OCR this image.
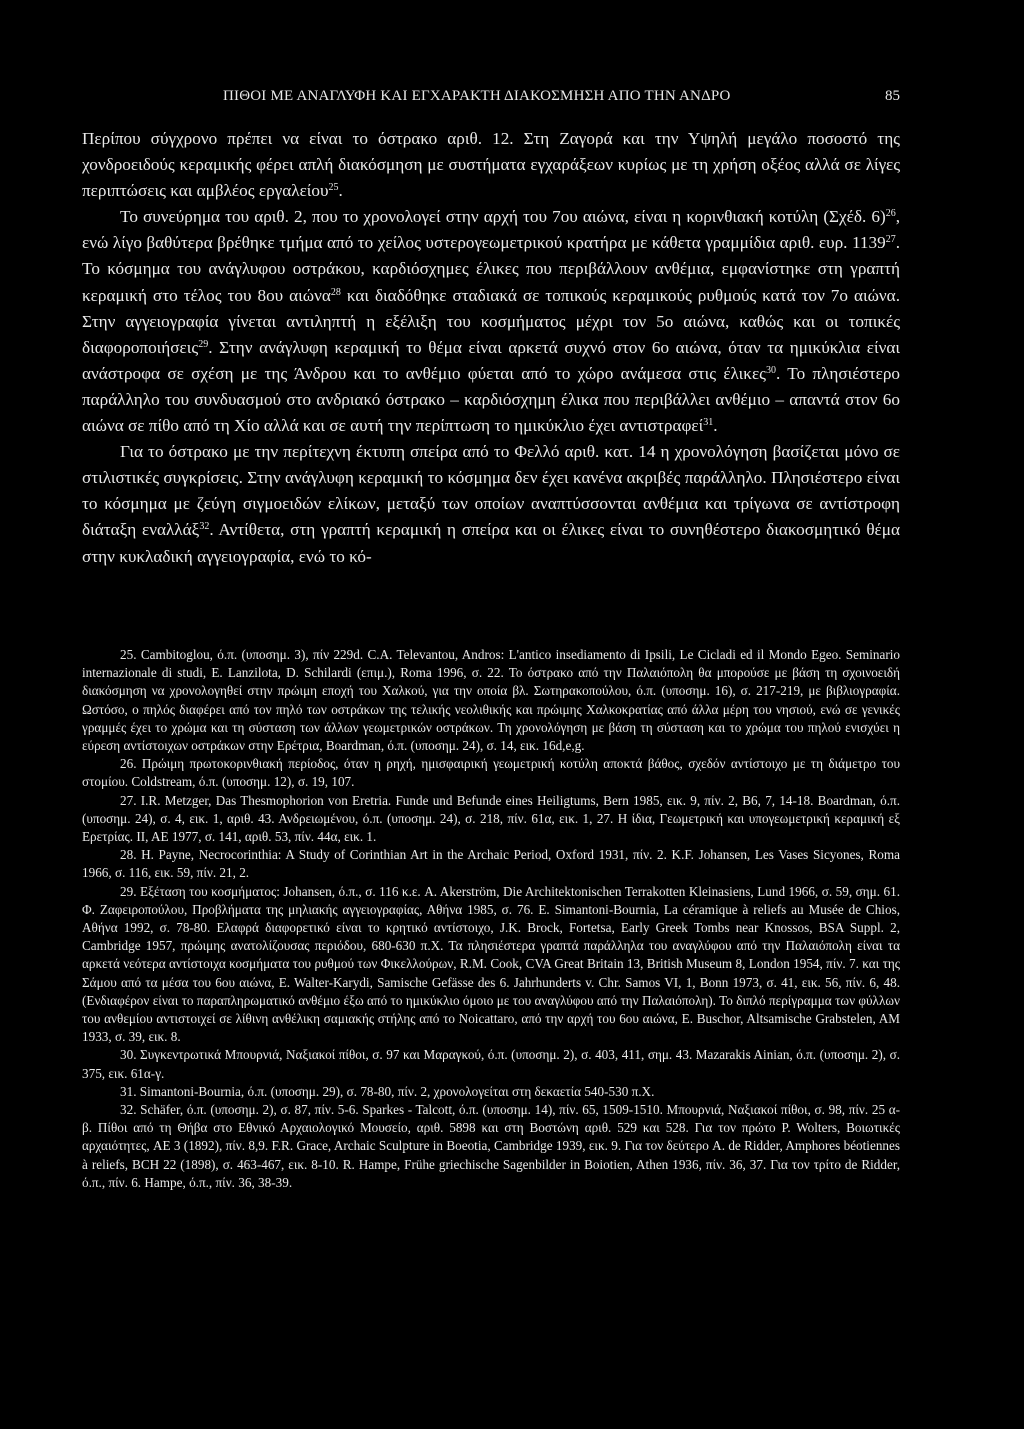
ΠΙΘΟΙ ΜΕ ΑΝΑΓΛΥΦΗ ΚΑΙ ΕΓΧΑΡΑΚΤΗ ΔΙΑΚΟΣΜΗΣΗ ΑΠΟ ΤΗΝ ΑΝΔΡΟ	85

Περίπου σύγχρονο πρέπει να είναι το όστρακο αριθ. 12. Στη Ζαγορά και την Υψηλή μεγάλο ποσοστό της χονδροειδούς κεραμικής φέρει απλή διακόσμηση με συστήματα εγχαράξεων κυρίως με τη χρήση οξέος αλλά σε λίγες περιπτώσεις και αμβλέος εργαλείου$^{25}$.

Το συνεύρημα του αριθ. 2, που το χρονολογεί στην αρχή του 7ου αιώνα, είναι η κορινθιακή κοτύλη (Σχέδ. 6)$^{26}$, ενώ λίγο βαθύτερα βρέθηκε τμήμα από το χείλος υστερογεωμετρικού κρατήρα με κάθετα γραμμίδια αριθ. ευρ. 1139$^{27}$. Το κόσμημα του ανάγλυφου οστράκου, καρδιόσχημες έλικες που περιβάλλουν ανθέμια, εμφανίστηκε στη γραπτή κεραμική στο τέλος του 8ου αιώνα$^{28}$ και διαδόθηκε σταδιακά σε τοπικούς κεραμικούς ρυθμούς κατά τον 7ο αιώνα. Στην αγγειογραφία γίνεται αντιληπτή η εξέλιξη του κοσμήματος μέχρι τον 5ο αιώνα, καθώς και οι τοπικές διαφοροποιήσεις$^{29}$. Στην ανάγλυφη κεραμική το θέμα είναι αρκετά συχνό στον 6ο αιώνα, όταν τα ημικύκλια είναι ανάστροφα σε σχέση με της Άνδρου και το ανθέμιο φύεται από το χώρο ανάμεσα στις έλικες$^{30}$. Το πλησιέστερο παράλληλο του συνδυασμού στο ανδριακό όστρακο – καρδιόσχημη έλικα που περιβάλλει ανθέμιο – απαντά στον 6ο αιώνα σε πίθο από τη Χίο αλλά και σε αυτή την περίπτωση το ημικύκλιο έχει αντιστραφεί$^{31}$.

Για το όστρακο με την περίτεχνη έκτυπη σπείρα από το Φελλό αριθ. κατ. 14 η χρονολόγηση βασίζεται μόνο σε στιλιστικές συγκρίσεις. Στην ανάγλυφη κεραμική το κόσμημα δεν έχει κανένα ακριβές παράλληλο. Πλησιέστερο είναι το κόσμημα με ζεύγη σιγμοειδών ελίκων, μεταξύ των οποίων αναπτύσσονται ανθέμια και τρίγωνα σε αντίστροφη διάταξη εναλλάξ$^{32}$. Αντίθετα, στη γραπτή κεραμική η σπείρα και οι έλικες είναι το συνηθέστερο διακοσμητικό θέμα στην κυκλαδική αγγειογραφία, ενώ το κό-

25. Cambitoglou, ό.π. (υποσημ. 3), πίν 229d. C.A. Televantou, Andros: L'antico insediamento di Ipsili, Le Cicladi ed il Mondo Egeo. Seminario internazionale di studi, E. Lanzilota, D. Schilardi (επιμ.), Roma 1996, σ. 22. Το όστρακο από την Παλαιόπολη θα μπορούσε με βάση τη σχοινοειδή διακόσμηση να χρονολογηθεί στην πρώιμη εποχή του Χαλκού, για την οποία βλ. Σωτηρακοπούλου, ό.π. (υποσημ. 16), σ. 217-219, με βιβλιογραφία. Ωστόσο, ο πηλός διαφέρει από τον πηλό των οστράκων της τελικής νεολιθικής και πρώιμης Χαλκοκρατίας από άλλα μέρη του νησιού, ενώ σε γενικές γραμμές έχει το χρώμα και τη σύσταση των άλλων γεωμετρικών οστράκων. Τη χρονολόγηση με βάση τη σύσταση και το χρώμα του πηλού ενισχύει η εύρεση αντίστοιχων οστράκων στην Ερέτρια, Boardman, ό.π. (υποσημ. 24), σ. 14, εικ. 16d,e,g.

26. Πρώιμη πρωτοκορινθιακή περίοδος, όταν η ρηχή, ημισφαιρική γεωμετρική κοτύλη αποκτά βάθος, σχεδόν αντίστοιχο με τη διάμετρο του στομίου. Coldstream, ό.π. (υποσημ. 12), σ. 19, 107.

27. I.R. Metzger, Das Thesmophorion von Eretria. Funde und Befunde eines Heiligtums, Bern 1985, εικ. 9, πίν. 2, Β6, 7, 14-18. Boardman, ό.π. (υποσημ. 24), σ. 4, εικ. 1, αριθ. 43. Ανδρειωμένου, ό.π. (υποσημ. 24), σ. 218, πίν. 61α, εικ. 1, 27. Η ίδια, Γεωμετρική και υπογεωμετρική κεραμική εξ Ερετρίας. II, AE 1977, σ. 141, αριθ. 53, πίν. 44α, εικ. 1.

28. H. Payne, Necrocorinthia: A Study of Corinthian Art in the Archaic Period, Oxford 1931, πίν. 2. K.F. Johansen, Les Vases Sicyones, Roma 1966, σ. 116, εικ. 59, πίν. 21, 2.

29. Εξέταση του κοσμήματος: Johansen, ό.π., σ. 116 κ.ε. A. Akerström, Die Architektonischen Terrakotten Kleinasiens, Lund 1966, σ. 59, σημ. 61. Φ. Ζαφειροπούλου, Προβλήματα της μηλιακής αγγειογραφίας, Αθήνα 1985, σ. 76. E. Simantoni-Bournia, La céramique à reliefs au Musée de Chios, Αθήνα 1992, σ. 78-80. Ελαφρά διαφορετικό είναι το κρητικό αντίστοιχο, J.K. Brock, Fortetsa, Early Greek Tombs near Knossos, BSA Suppl. 2, Cambridge 1957, πρώιμης ανατολίζουσας περιόδου, 680-630 π.Χ. Τα πλησιέστερα γραπτά παράλληλα του αναγλύφου από την Παλαιόπολη είναι τα αρκετά νεότερα αντίστοιχα κοσμήματα του ρυθμού των Φικελλούρων, R.M. Cook, CVA Great Britain 13, British Museum 8, London 1954, πίν. 7. και της Σάμου από τα μέσα του 6ου αιώνα, E. Walter-Karydi, Samische Gefässe des 6. Jahrhunderts v. Chr. Samos VI, 1, Bonn 1973, σ. 41, εικ. 56, πίν. 6, 48. (Ενδιαφέρον είναι το παραπληρωματικό ανθέμιο έξω από το ημικύκλιο όμοιο με του αναγλύφου από την Παλαιόπολη). Το διπλό περίγραμμα των φύλλων του ανθεμίου αντιστοιχεί σε λίθινη ανθέλικη σαμιακής στήλης από το Noicattaro, από την αρχή του 6ου αιώνα, E. Buschor, Altsamische Grabstelen, AM 1933, σ. 39, εικ. 8.

30. Συγκεντρωτικά Μπουρνιά, Ναξιακοί πίθοι, σ. 97 και Μαραγκού, ό.π. (υποσημ. 2), σ. 403, 411, σημ. 43. Mazarakis Ainian, ό.π. (υποσημ. 2), σ. 375, εικ. 61α-γ.

31. Simantoni-Bournia, ό.π. (υποσημ. 29), σ. 78-80, πίν. 2, χρονολογείται στη δεκαετία 540-530 π.Χ.

32. Schäfer, ό.π. (υποσημ. 2), σ. 87, πίν. 5-6. Sparkes - Talcott, ό.π. (υποσημ. 14), πίν. 65, 1509-1510. Μπουρνιά, Ναξιακοί πίθοι, σ. 98, πίν. 25 α-β. Πίθοι από τη Θήβα στο Εθνικό Αρχαιολογικό Μουσείο, αριθ. 5898 και στη Βοστώνη αριθ. 529 και 528. Για τον πρώτο P. Wolters, Βοιωτικές αρχαιότητες, AE 3 (1892), πίν. 8,9. F.R. Grace, Archaic Sculpture in Boeotia, Cambridge 1939, εικ. 9. Για τον δεύτερο A. de Ridder, Amphores béotiennes à reliefs, BCH 22 (1898), σ. 463-467, εικ. 8-10. R. Hampe, Frühe griechische Sagenbilder in Boiotien, Athen 1936, πίν. 36, 37. Για τον τρίτο de Ridder, ό.π., πίν. 6. Hampe, ό.π., πίν. 36, 38-39.
